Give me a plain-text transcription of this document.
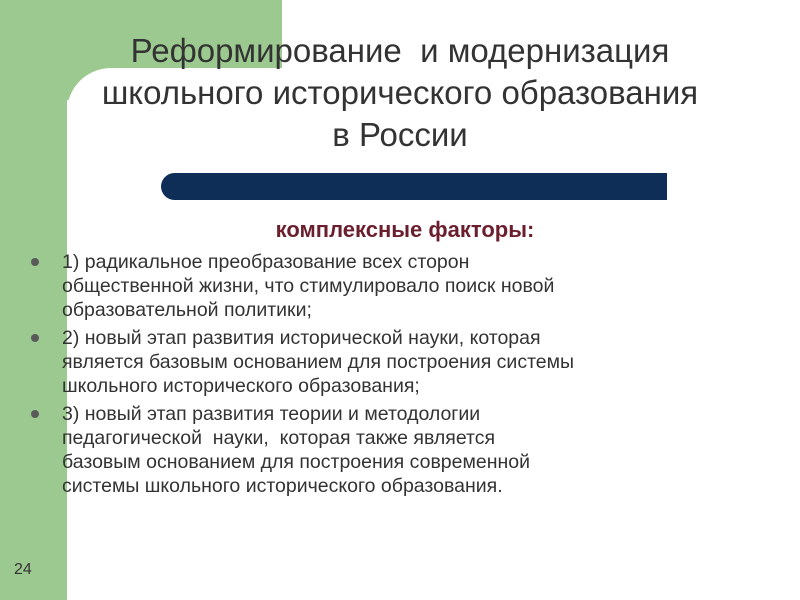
Реформирование  и модернизация
школьного исторического образования
в России
комплексные факторы:
1) радикальное преобразование всех сторон
общественной жизни, что стимулировало поиск новой
образовательной политики;
2) новый этап развития исторической науки, которая
является базовым основанием для построения системы
школьного исторического образования;
3) новый этап развития теории и методологии
педагогической  науки,  которая также является
базовым основанием для построения современной
системы школьного исторического образования.
24
